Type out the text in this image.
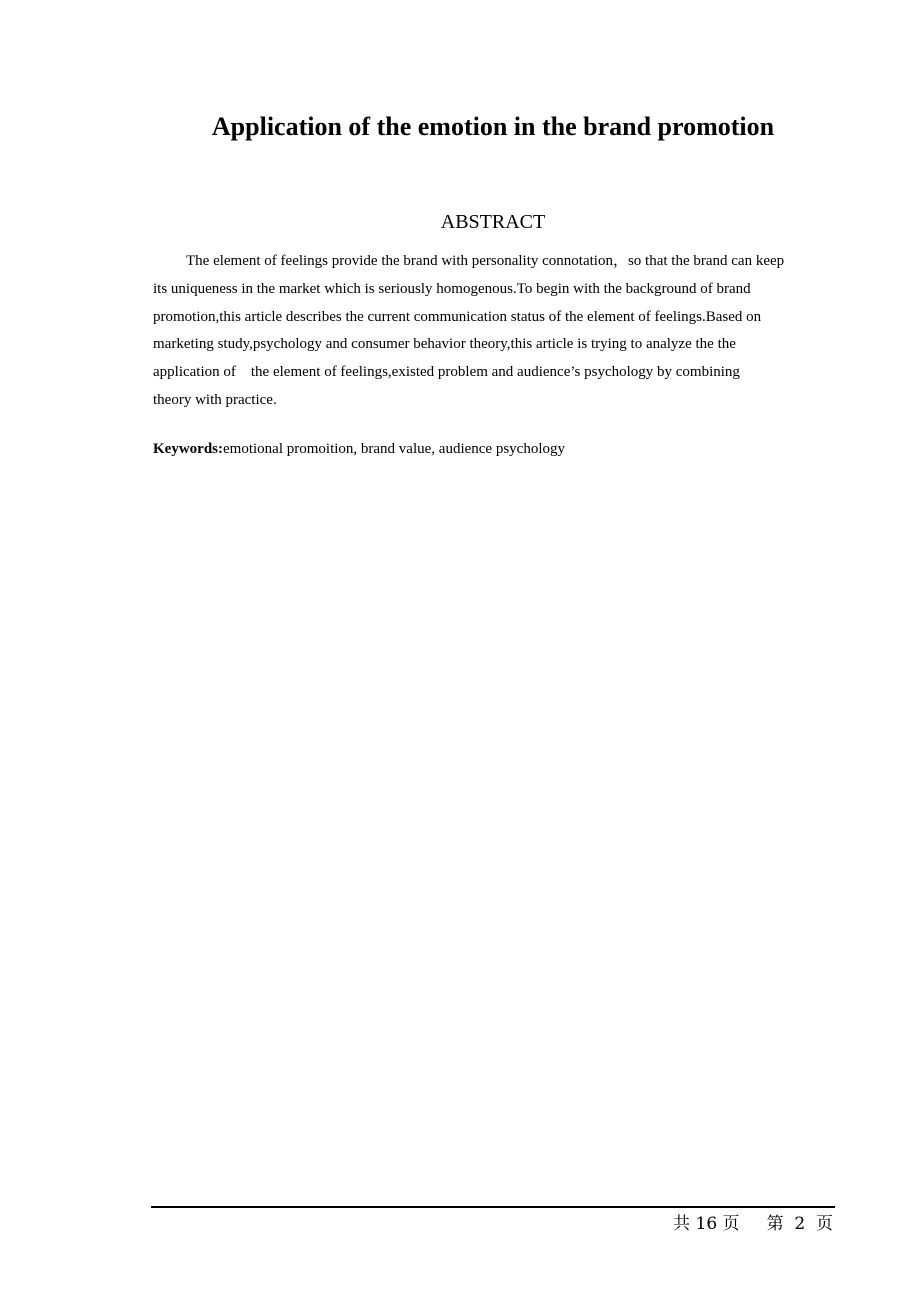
Application of the emotion in the brand promotion
ABSTRACT
The element of feelings provide the brand with personality connotation，so that the brand can keep
its uniqueness in the market which is seriously homogenous.To begin with the background of brand
promotion,this article describes the current communication status of the element of feelings.Based on
marketing study,psychology and consumer behavior theory,this article is trying to analyze the the
application of    the element of feelings,existed problem and audience’s psychology by combining
theory with practice.
Keywords:emotional promoition, brand value, audience psychology
共 16 页     第  2  页
